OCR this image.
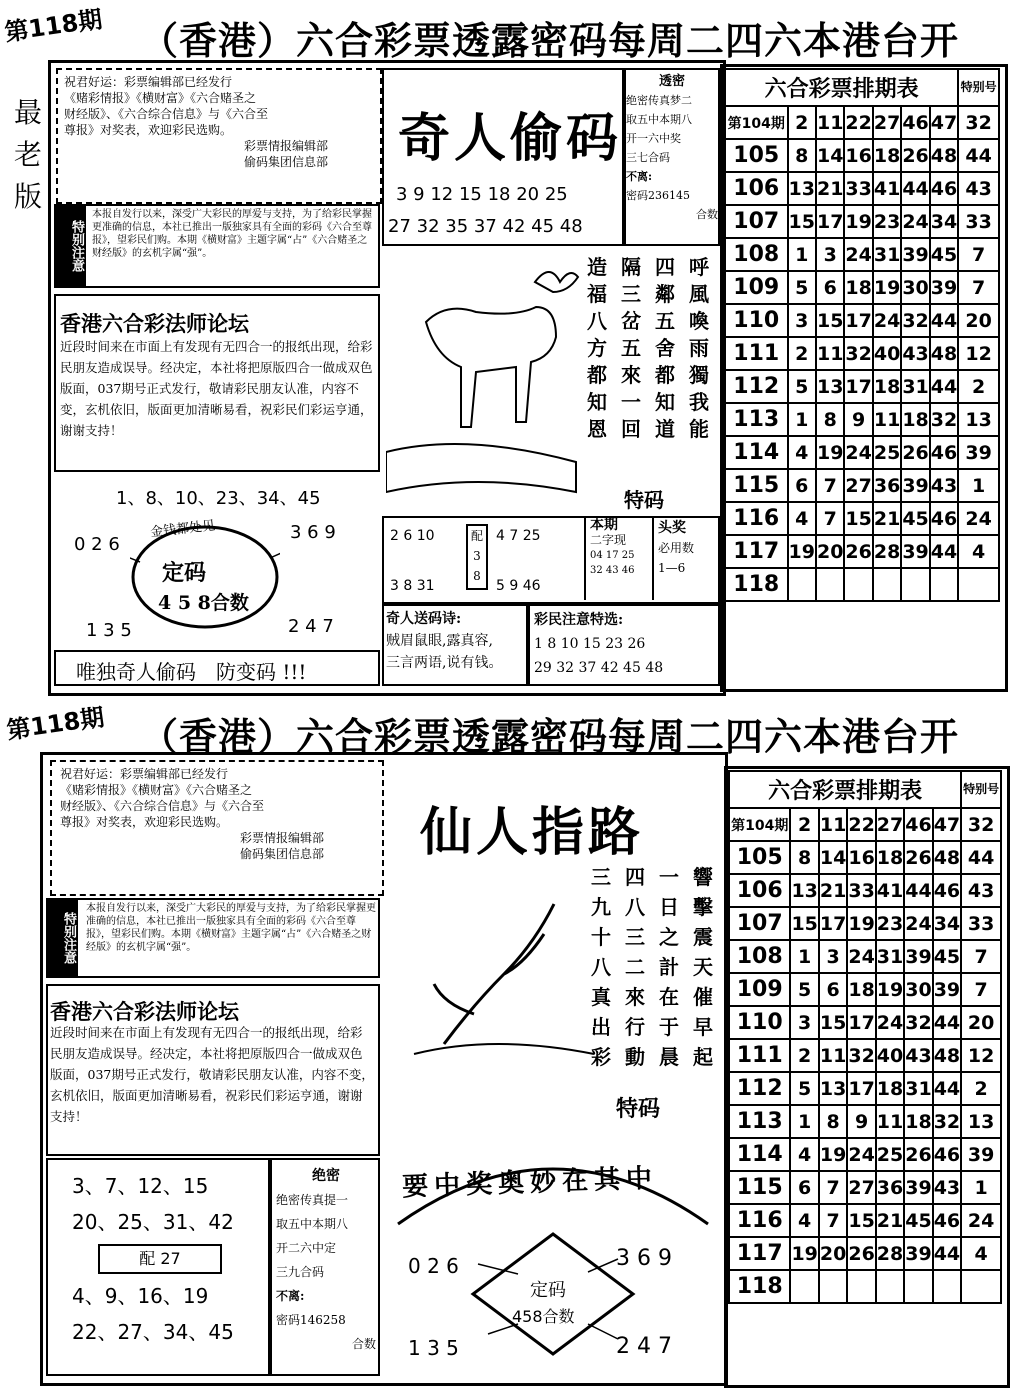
第118期 （香港）六合彩票透露密码每周二四六本港台开
最
老
版
祝君好运：彩票编辑部已经发行
《赌彩情报》《横财富》《六合赌圣之
财经版》、《六合综合信息》与《六合至
尊报》对奖表，欢迎彩民选购。
彩票情报编辑部
偷码集团信息部
特别注意
本报自发行以来，深受广大彩民的厚爱与支持，为了给彩民掌握更准确的信息，本社已推出一版独家具有全面的彩码《六合至尊报》，望彩民们购。本期《横财富》主题字属“占”《六合赌圣之财经版》的玄机字属“强”。
香港六合彩法师论坛
近段时间来在市面上有发现有无四合一的报纸出现，给彩民朋友造成误导。经决定，本社将把原版四合一做成双色版面，037期号正式发行，敬请彩民朋友认准，内容不变，玄机依旧，版面更加清晰易看，祝彩民们彩运亨通，谢谢支持！
1、8、10、23、34、45
0 2 6
3 6 9
1 3 5	2 4 7
金钱都处见
定码
4 5 8合数
唯独奇人偷码　防变码 !!!
奇人偷码
3 9 12 15 18 20 25
27 32 35 37 42 45 48
透密
绝密传真梦二
取五中本期八
开一六中奖
三七合码
不离:
密码236145
合数
造
福
八
方
都
知
恩
隔
三
岔
五
來
一
回
四
鄰
五
舍
都
知
道
呼
風
喚
雨
獨
我
能
特码
2 6 10
3 8 31
配
3
8
4 7 25
5 9 46
本期
二字现
04 17 25
32 43 46
头奖
必用数
1—6
奇人送码诗:
贼眉鼠眼,露真容,
三言两语,说有钱。
彩民注意特选:
1 8 10 15 23 26
29 32 37 42 45 48
六合彩票排期表							特别号
第104期	2	11	22	27	46	47	32
105	8	14	16	18	26	48	44
106	13	21	33	41	44	46	43
107	15	17	19	23	24	34	33
108	1	3	24	31	39	45	7
109	5	6	18	19	30	39	7
110	3	15	17	24	32	44	20
111	2	11	32	40	43	48	12
112	5	13	17	18	31	44	2
113	1	8	9	11	18	32	13
114	4	19	24	25	26	46	39
115	6	7	27	36	39	43	1
116	4	7	15	21	45	46	24
117	19	20	26	28	39	44	4
118							
第118期 （香港）六合彩票透露密码每周二四六本港台开
祝君好运：彩票编辑部已经发行
《赌彩情报》《横财富》《六合赌圣之
财经版》、《六合综合信息》与《六合至
尊报》对奖表，欢迎彩民选购。
彩票情报编辑部
偷码集团信息部
特别注意
本报自发行以来，深受广大彩民的厚爱与支持，为了给彩民掌握更准确的信息，本社已推出一版独家具有全面的彩码《六合至尊报》，望彩民们购。本期《横财富》主题字属“占”《六合赌圣之财经版》的玄机字属“强”。
香港六合彩法师论坛
近段时间来在市面上有发现有无四合一的报纸出现，给彩民朋友造成误导。经决定，本社将把原版四合一做成双色版面，037期号正式发行，敬请彩民朋友认准，内容不变，玄机依旧，版面更加清晰易看，祝彩民们彩运亨通，谢谢支持！
3、7、12、15
20、25、31、42
配 27
4、9、16、19
22、27、34、45
绝密
绝密传真提一
取五中本期八
开二六中定
三九合码
不离:
密码146258
合数
仙人指路
三
九
十
八
真
出
彩
四
八
三
二
來
行
動
一
日
之
計
在
于
晨
響
擊
震
天
催
早
起
特码
要中奖奥妙在其中
0 2 6	3 6 9
1 3 5	2 4 7
定码
458合数
六合彩票排期表							特别号
第104期	2	11	22	27	46	47	32
105	8	14	16	18	26	48	44
106	13	21	33	41	44	46	43
107	15	17	19	23	24	34	33
108	1	3	24	31	39	45	7
109	5	6	18	19	30	39	7
110	3	15	17	24	32	44	20
111	2	11	32	40	43	48	12
112	5	13	17	18	31	44	2
113	1	8	9	11	18	32	13
114	4	19	24	25	26	46	39
115	6	7	27	36	39	43	1
116	4	7	15	21	45	46	24
117	19	20	26	28	39	44	4
118							
